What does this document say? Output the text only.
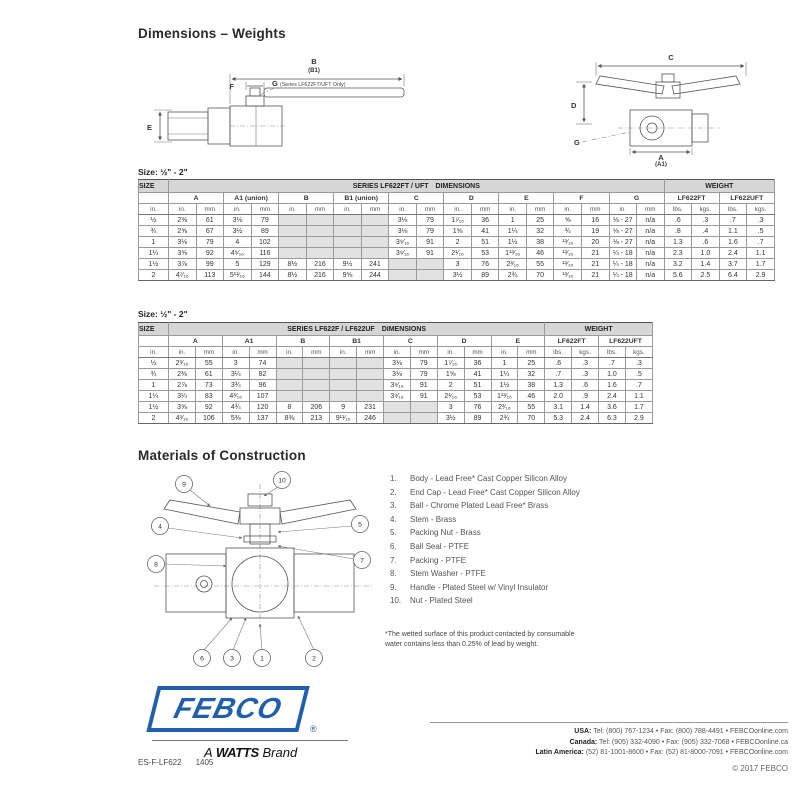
Dimensions – Weights
B
(B1)
F	G (Series LF622FT/UFT Only)
E
C
D
G
A
(A1)
Size: ½" - 2"
SIZE	SERIES LF622FT / UFT  DIMENSIONS																		WEIGHT			
	A		A1 (union)		B		B1 (union)		C		D		E		F		G		LF622FT		LF622UFT	
in.	in.	mm	in.	mm	in.	mm	in.	mm	in.	mm	in.	mm	in.	mm	in.	mm	in.	mm	lbs.	kgs.	lbs.	kgs.
½	2⅜	61	3⅛	79					3⅛	79	1⁷⁄₁₆	36	1	25	⅝	16	⅛ - 27	n/a	.6	.3	.7	.3
¾	2⅝	67	3½	89					3⅛	79	1⅝	41	1¼	32	¾	19	⅛ - 27	n/a	.8	.4	1.1	.5
1	3⅛	79	4	102					3⁹⁄₁₆	91	2	51	1½	38	¹³⁄₁₆	20	⅛ - 27	n/a	1.3	.6	1.6	.7
1¼	3⅝	92	4⁹⁄₁₆	116					3⁹⁄₁₆	91	2¹⁄₁₆	53	1¹³⁄₁₆	46	¹³⁄₁₆	21	¼ - 18	n/a	2.3	1.0	2.4	1.1
1½	3⅞	99	5	129	8½	216	9½	241			3	76	2³⁄₁₆	55	¹³⁄₁₆	21	¼ - 18	n/a	3.2	1.4	3.7	1.7
2	4⁷⁄₁₆	113	5¹¹⁄₁₆	144	8½	216	9⅝	244			3½	89	2¾	70	¹³⁄₁₆	21	¼ - 18	n/a	5.6	2.5	6.4	2.9
Size: ½" - 2"
SIZE	SERIES LF622F / LF622UF  DIMENSIONS														WEIGHT			
	A		A1		B		B1		C		D		E		LF622FT		LF622UFT	
in.	in.	mm	in.	mm	in.	mm	in.	mm	in.	mm	in.	mm	in.	mm	lbs.	kgs.	lbs.	kgs.
½	2³⁄₁₆	55	3	74					3⅛	79	1⁷⁄₁₆	36	1	25	.6	.3	.7	.3
¾	2⅜	61	3¼	82					3⅛	79	1⅝	41	1¼	32	.7	.3	1.0	.5
1	2⅞	73	3¾	96					3⁹⁄₁₆	91	2	51	1½	38	1.3	.6	1.6	.7
1¼	3¼	83	4³⁄₁₆	107					3⁹⁄₁₆	91	2¹⁄₁₆	53	1¹³⁄₁₆	46	2.0	.9	2.4	1.1
1½	3⅝	92	4¾	120	8	206	9	231			3	76	2³⁄₁₆	55	3.1	1.4	3.6	1.7
2	4³⁄₁₆	106	5⅜	137	8⅜	213	9¹¹⁄₁₆	246			3½	89	2¾	70	5.3	2.4	6.3	2.9
Materials of Construction
9
10
4	5
8
7
6	3	1	2
1. Body - Lead Free* Cast Copper Silicon Alloy
2. End Cap - Lead Free* Cast Copper Silicon Alloy
3. Ball - Chrome Plated Lead Free* Brass
4. Stem - Brass
5. Packing Nut - Brass
6. Ball Seal - PTFE
7. Packing - PTFE
8. Stem Washer - PTFE
9. Handle - Plated Steel w/ Vinyl Insulator
10. Nut - Plated Steel
*The wetted surface of this product contacted by consumable water contains less than 0.25% of lead by weight.
FEBCO
®
A WATTS Brand
USA: Tel: (800) 767-1234 • Fax: (800) 788-4491 • FEBCOonline.com
Canada: Tel: (905) 332-4090 • Fax: (905) 332-7068 • FEBCOonline.ca
Latin America: (52) 81-1001-8600 • Fax: (52) 81-8000-7091 • FEBCOonline.com
© 2017 FEBCO
ES-F-LF622 1405
